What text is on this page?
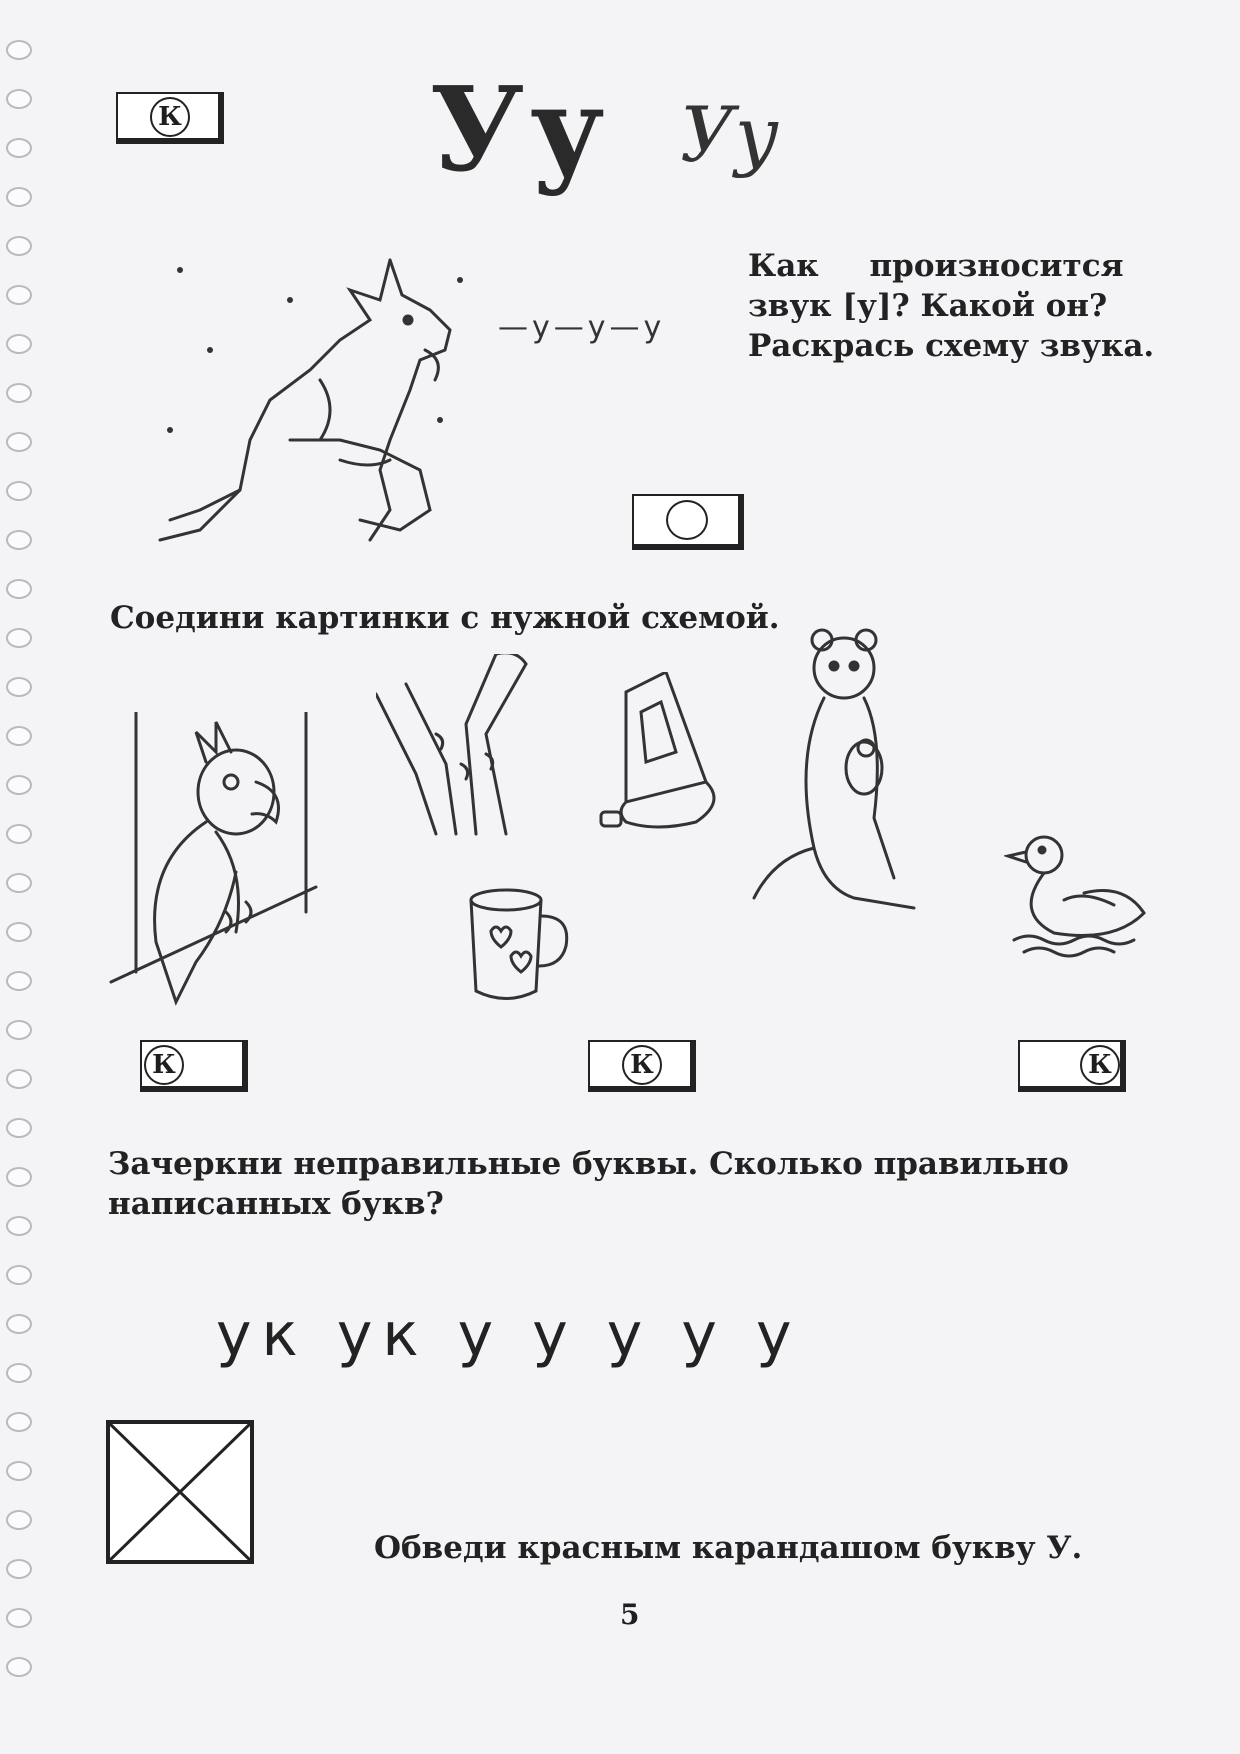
К Уу Уу
Как произносится
звук [у]? Какой он?
Раскрась схему звука.
—у—у—у
Соедини картинки с нужной схемой.
К	К	К
Зачеркни неправильные буквы. Сколько правильно
написанных букв?
ук ук у у у у у
Обведи красным карандашом букву У.
5
